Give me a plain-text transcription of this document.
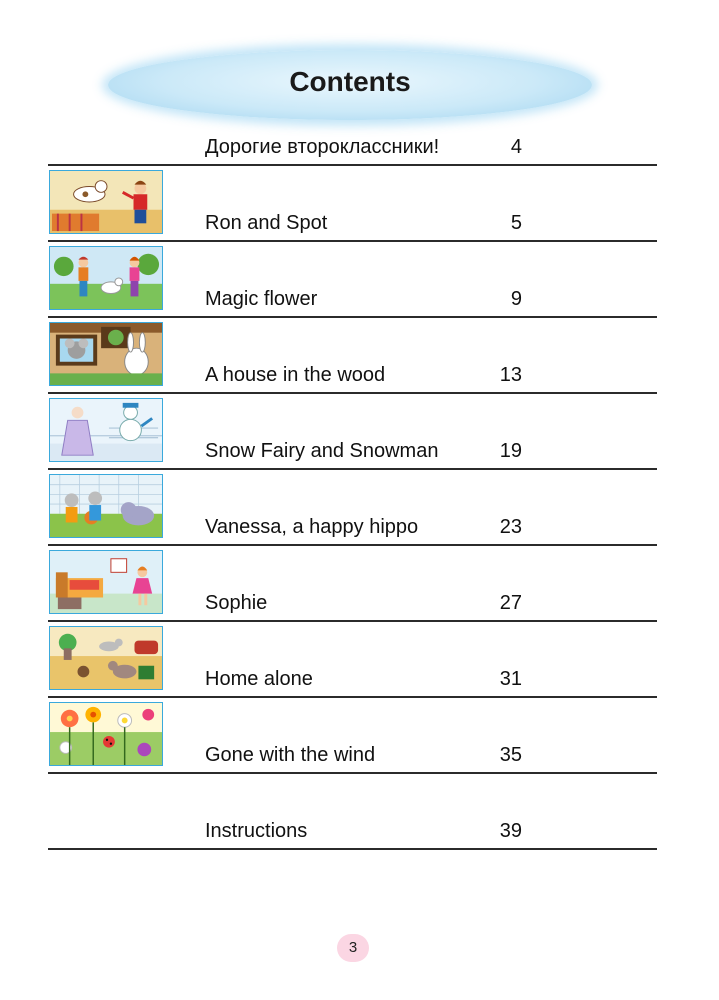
Contents
Дорогие второклассники!	4
Ron and Spot	5
Magic flower	9
A house in the wood	13
Snow Fairy and Snowman	19
Vanessa, a happy hippo	23
Sophie	27
Home alone	31
Gone with the wind	35
Instructions	39
3
